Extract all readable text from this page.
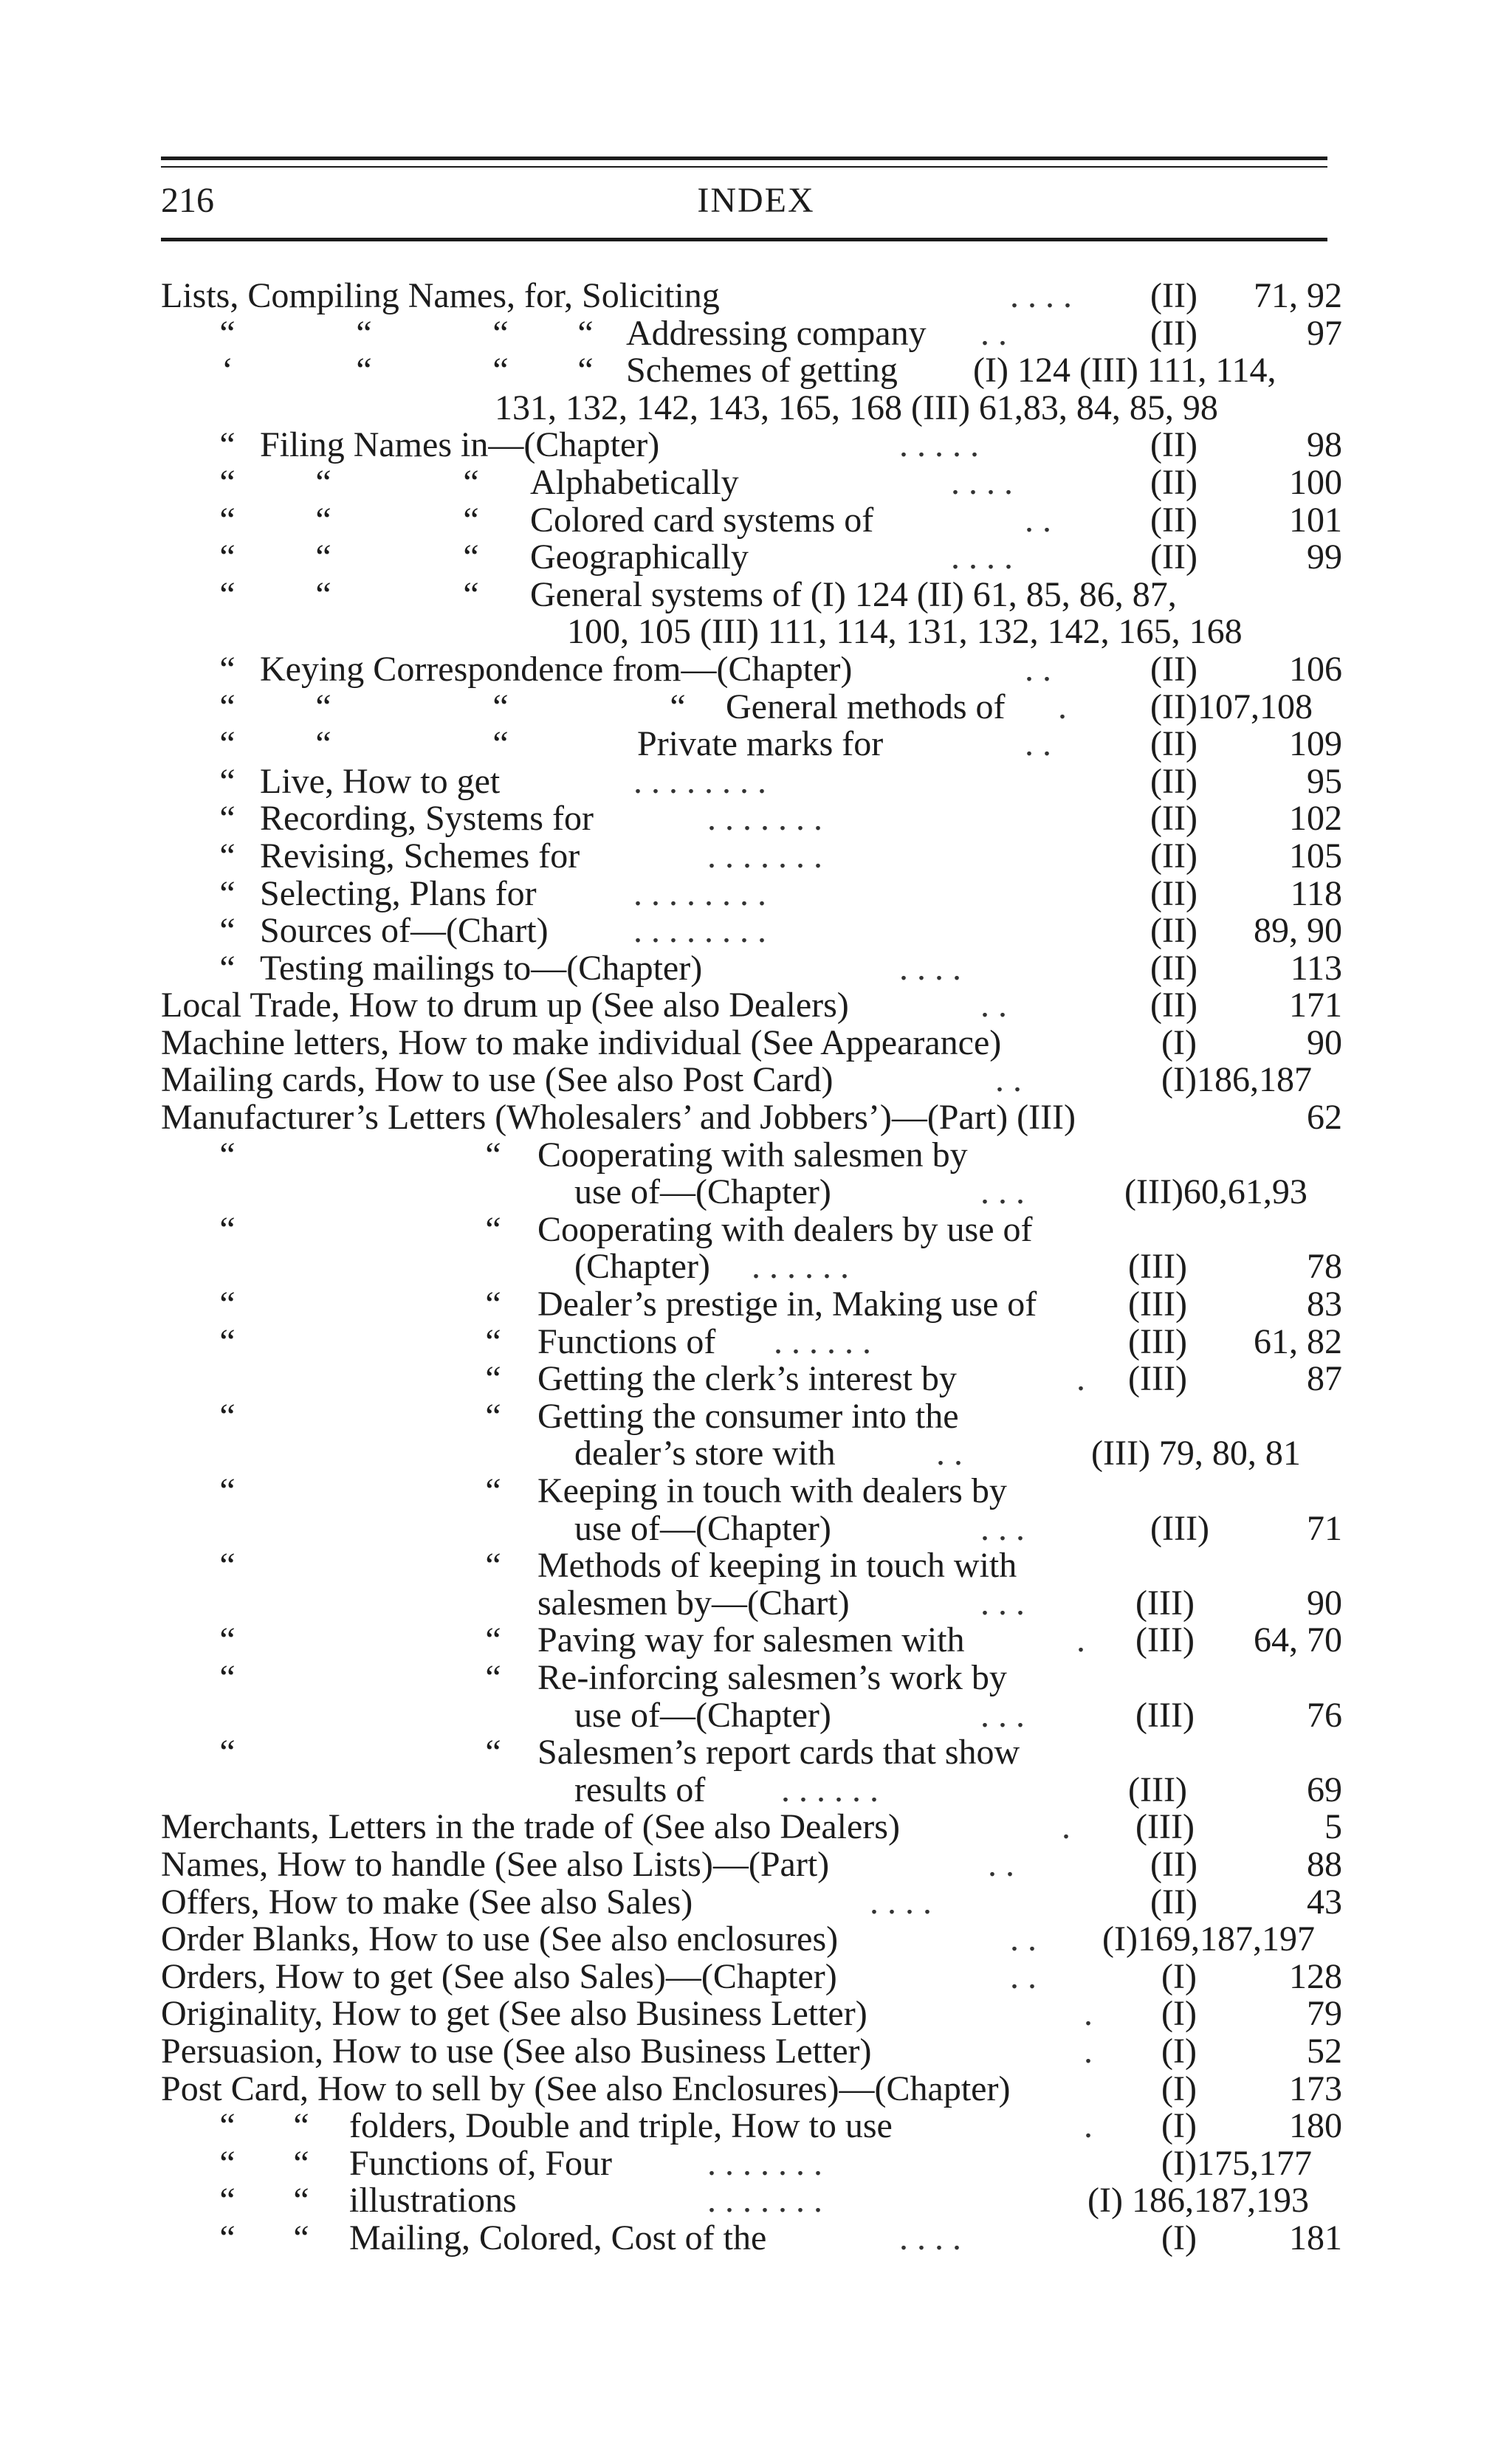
216	INDEX
Lists, Compiling Names, for, Soliciting	. . . . (II) 71, 92
“	“	“ “ Addressing company . .	(II)	97
‘	“	“ “ Schemes of getting (I) 124 (III) 111, 114,
131, 132, 142, 143, 165, 168 (III) 61,83, 84, 85, 98
“ Filing Names in—(Chapter)	. . . . .	(II)	98
“ “	“ Alphabetically	. . . .	(II)	100
“ “	“ Colored card systems of	. .	(II)	101
“ “	“ Geographically	. . . .	(II)	99
“ “	“ General systems of (I) 124 (II) 61, 85, 86, 87,
100, 105 (III) 111, 114, 131, 132, 142, 165, 168
“ Keying Correspondence from—(Chapter)	. .	(II)	106
“ “	“	“ General methods of . (II)107,108
“ “	“	Private marks for	. .	(II)	109
“ Live, How to get	. . . . . . . .	(II)	95
“ Recording, Systems for	. . . . . . .	(II)	102
“ Revising, Schemes for	. . . . . . .	(II)	105
“ Selecting, Plans for	. . . . . . . .	(II)	118
“ Sources of—(Chart) . . . . . . . .	(II) 89, 90
“ Testing mailings to—(Chapter)	. . . .	(II)	113
Local Trade, How to drum up (See also Dealers)	. .	(II)	171
Machine letters, How to make individual (See Appearance)	(I)	90
Mailing cards, How to use (See also Post Card)	. .	(I)186,187
Manufacturer’s Letters (Wholesalers’ and Jobbers’)—(Part) (III)	62
“	“ Cooperating with salesmen by
use of—(Chapter)	. . .	(III)60,61,93
“	“ Cooperating with dealers by use of
(Chapter) . . . . . .	(III)	78
“	“ Dealer’s prestige in, Making use of	(III)	83
“	“ Functions of . . . . . .	(III) 61, 82
“ Getting the clerk’s interest by	. (III)	87
“	“ Getting the consumer into the
dealer’s store with	. .	(III) 79, 80, 81
“	“ Keeping in touch with dealers by
use of—(Chapter)	. . .	(III)	71
“	“ Methods of keeping in touch with
salesmen by—(Chart)	. . .	(III)	90
“	“ Paving way for salesmen with	. (III) 64, 70
“	“ Re-inforcing salesmen’s work by
use of—(Chapter)	. . .	(III)	76
“	“ Salesmen’s report cards that show
results of . . . . . .	(III)	69
Merchants, Letters in the trade of (See also Dealers)	. (III)	5
Names, How to handle (See also Lists)—(Part)	. .	(II)	88
Offers, How to make (See also Sales)	. . . .	(II)	43
Order Blanks, How to use (See also enclosures)	. . (I)169,187,197
Orders, How to get (See also Sales)—(Chapter)	. .	(I)	128
Originality, How to get (See also Business Letter)	. (I)	79
Persuasion, How to use (See also Business Letter)	. (I)	52
Post Card, How to sell by (See also Enclosures)—(Chapter)	(I)	173
“ “ folders, Double and triple, How to use	. (I)	180
“ “ Functions of, Four	. . . . . . .	(I)175,177
“ “ illustrations	. . . . . . .	(I) 186,187,193
“ “ Mailing, Colored, Cost of the	. . . .	(I)	181
